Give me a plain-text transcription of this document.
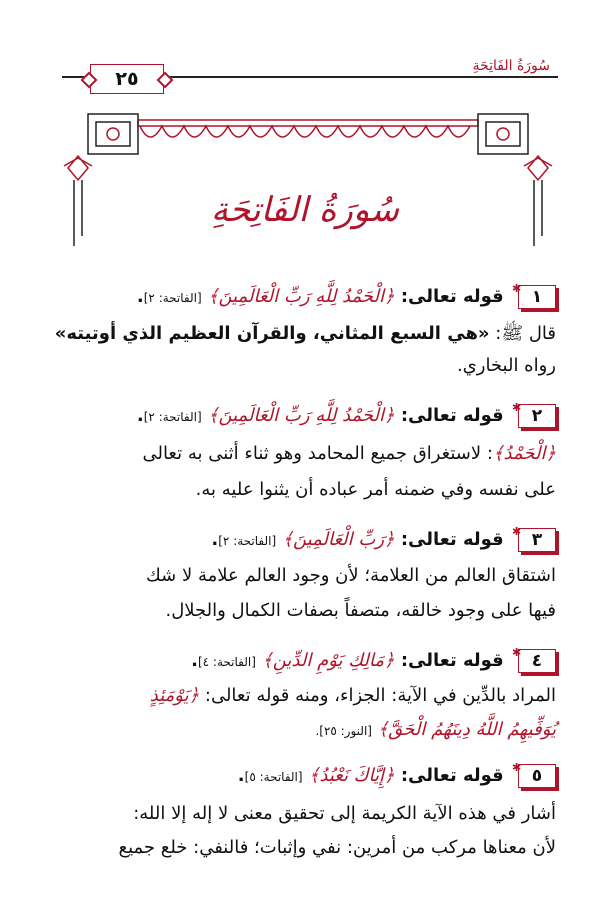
٢٥
سُورَةُ الفَاتِحَةِ
سُورَةُ الفَاتِحَةِ
✱ ١ قوله تعالى: ﴿الْحَمْدُ لِلَّهِ رَبِّ الْعَالَمِينَ﴾ [الفاتحة: ٢].
قال ﷺ: «هي السبع المثاني، والقرآن العظيم الذي أوتيته»
رواه البخاري.
✱ ٢ قوله تعالى: ﴿الْحَمْدُ لِلَّهِ رَبِّ الْعَالَمِينَ﴾ [الفاتحة: ٢].
﴿الْحَمْدُ﴾: لاستغراق جميع المحامد وهو ثناء أثنى به تعالى
على نفسه وفي ضمنه أمر عباده أن يثنوا عليه به.
✱ ٣ قوله تعالى: ﴿رَبِّ الْعَالَمِينَ﴾ [الفاتحة: ٢].
اشتقاق العالم من العلامة؛ لأن وجود العالم علامة لا شك
فيها على وجود خالقه، متصفاً بصفات الكمال والجلال.
✱ ٤ قوله تعالى: ﴿مَالِكِ يَوْمِ الدِّينِ﴾ [الفاتحة: ٤].
المراد بالدِّين في الآية: الجزاء، ومنه قوله تعالى: ﴿يَوْمَئِذٍ
يُوَفِّيهِمُ اللَّهُ دِينَهُمُ الْحَقَّ﴾ [النور: ٢٥].
✱ ٥ قوله تعالى: ﴿إِيَّاكَ نَعْبُدُ﴾ [الفاتحة: ٥].
أشار في هذه الآية الكريمة إلى تحقيق معنى لا إله إلا الله:
لأن معناها مركب من أمرين: نفي وإثبات؛ فالنفي: خلع جميع
